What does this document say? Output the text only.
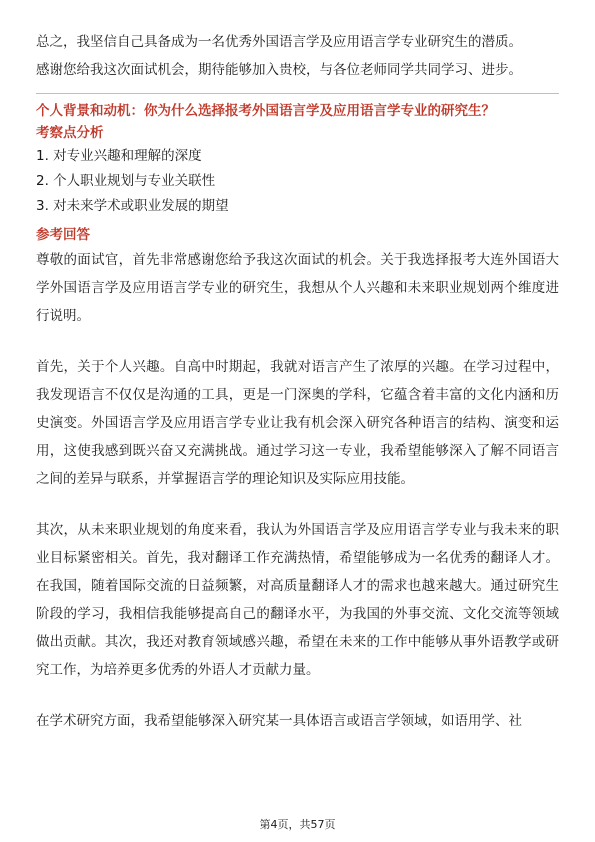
总之，我坚信自己具备成为一名优秀外国语言学及应用语言学专业研究生的潜质。

感谢您给我这次面试机会，期待能够加入贵校，与各位老师同学共同学习、进步。

个人背景和动机：你为什么选择报考外国语言学及应用语言学专业的研究生？
考察点分析
1. 对专业兴趣和理解的深度
2. 个人职业规划与专业关联性
3. 对未来学术或职业发展的期望
参考回答

尊敬的面试官，首先非常感谢您给予我这次面试的机会。关于我选择报考大连外国语大学外国语言学及应用语言学专业的研究生，我想从个人兴趣和未来职业规划两个维度进行说明。

首先，关于个人兴趣。自高中时期起，我就对语言产生了浓厚的兴趣。在学习过程中，我发现语言不仅仅是沟通的工具，更是一门深奥的学科，它蕴含着丰富的文化内涵和历史演变。外国语言学及应用语言学专业让我有机会深入研究各种语言的结构、演变和运用，这使我感到既兴奋又充满挑战。通过学习这一专业，我希望能够深入了解不同语言之间的差异与联系，并掌握语言学的理论知识及实际应用技能。

其次，从未来职业规划的角度来看，我认为外国语言学及应用语言学专业与我未来的职业目标紧密相关。首先，我对翻译工作充满热情，希望能够成为一名优秀的翻译人才。在我国，随着国际交流的日益频繁，对高质量翻译人才的需求也越来越大。通过研究生阶段的学习，我相信我能够提高自己的翻译水平，为我国的外事交流、文化交流等领域做出贡献。其次，我还对教育领域感兴趣，希望在未来的工作中能够从事外语教学或研究工作，为培养更多优秀的外语人才贡献力量。

在学术研究方面，我希望能够深入研究某一具体语言或语言学领域，如语用学、社

第4页，共57页
